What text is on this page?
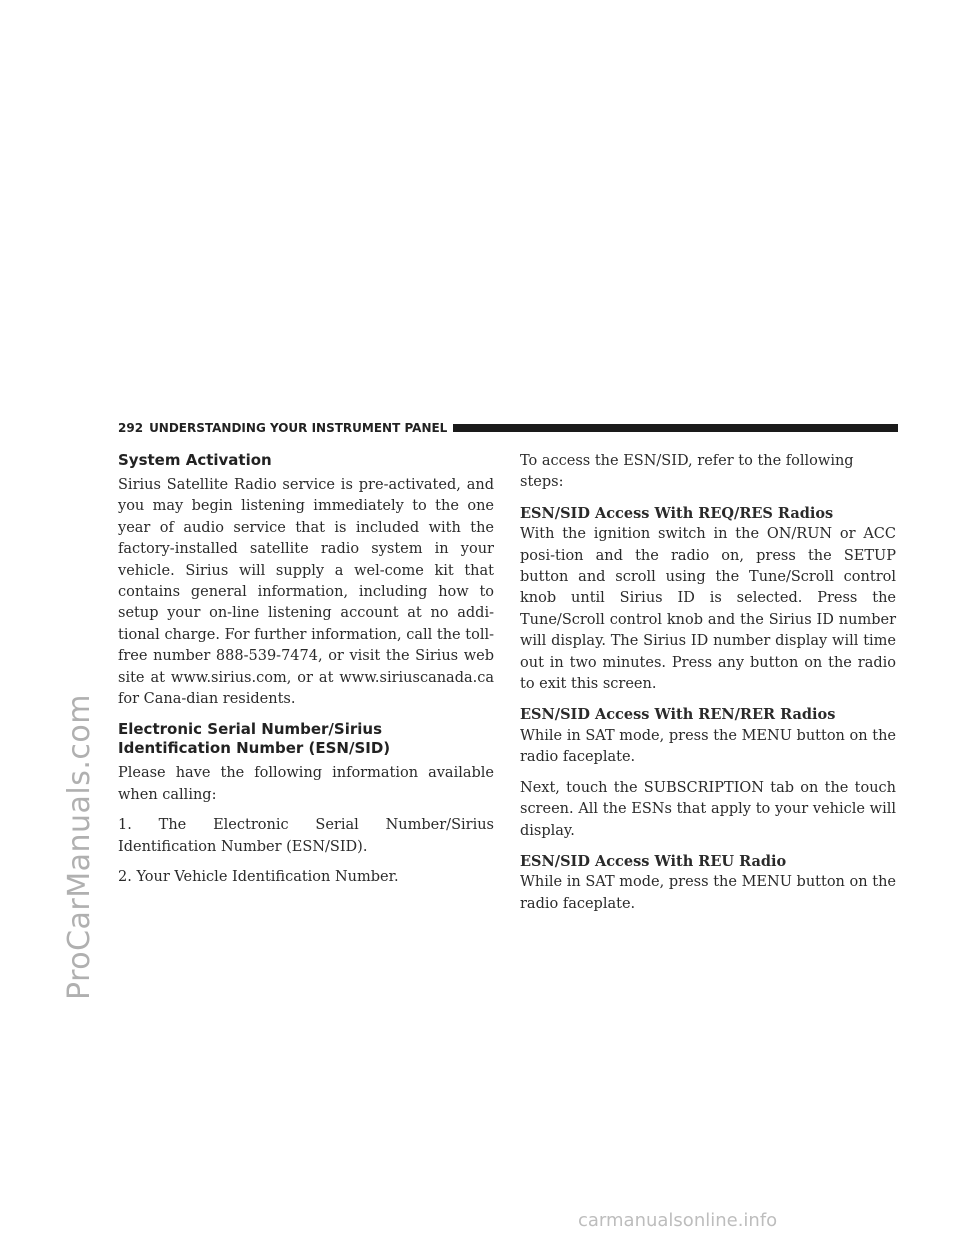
ProCarManuals.com
292 UNDERSTANDING YOUR INSTRUMENT PANEL
System Activation

Sirius Satellite Radio service is pre-activated, and you may begin listening immediately to the one year of audio service that is included with the factory-installed satellite radio system in your vehicle. Sirius will supply a wel-come kit that contains general information, including how to setup your on-line listening account at no addi-tional charge. For further information, call the toll-free number 888-539-7474, or visit the Sirius web site at www.sirius.com, or at www.siriuscanada.ca for Cana-dian residents.

Electronic Serial Number/Sirius Identification Number (ESN/SID)

Please have the following information available when calling:

1. The Electronic Serial Number/Sirius Identification Number (ESN/SID).

2. Your Vehicle Identification Number.

To access the ESN/SID, refer to the following steps:

ESN/SID Access With REQ/RES Radios

With the ignition switch in the ON/RUN or ACC posi-tion and the radio on, press the SETUP button and scroll using the Tune/Scroll control knob until Sirius ID is selected. Press the Tune/Scroll control knob and the Sirius ID number will display. The Sirius ID number display will time out in two minutes. Press any button on the radio to exit this screen.

ESN/SID Access With REN/RER Radios

While in SAT mode, press the MENU button on the radio faceplate.

Next, touch the SUBSCRIPTION tab on the touch screen. All the ESNs that apply to your vehicle will display.

ESN/SID Access With REU Radio

While in SAT mode, press the MENU button on the radio faceplate.

carmanualsonline.info
